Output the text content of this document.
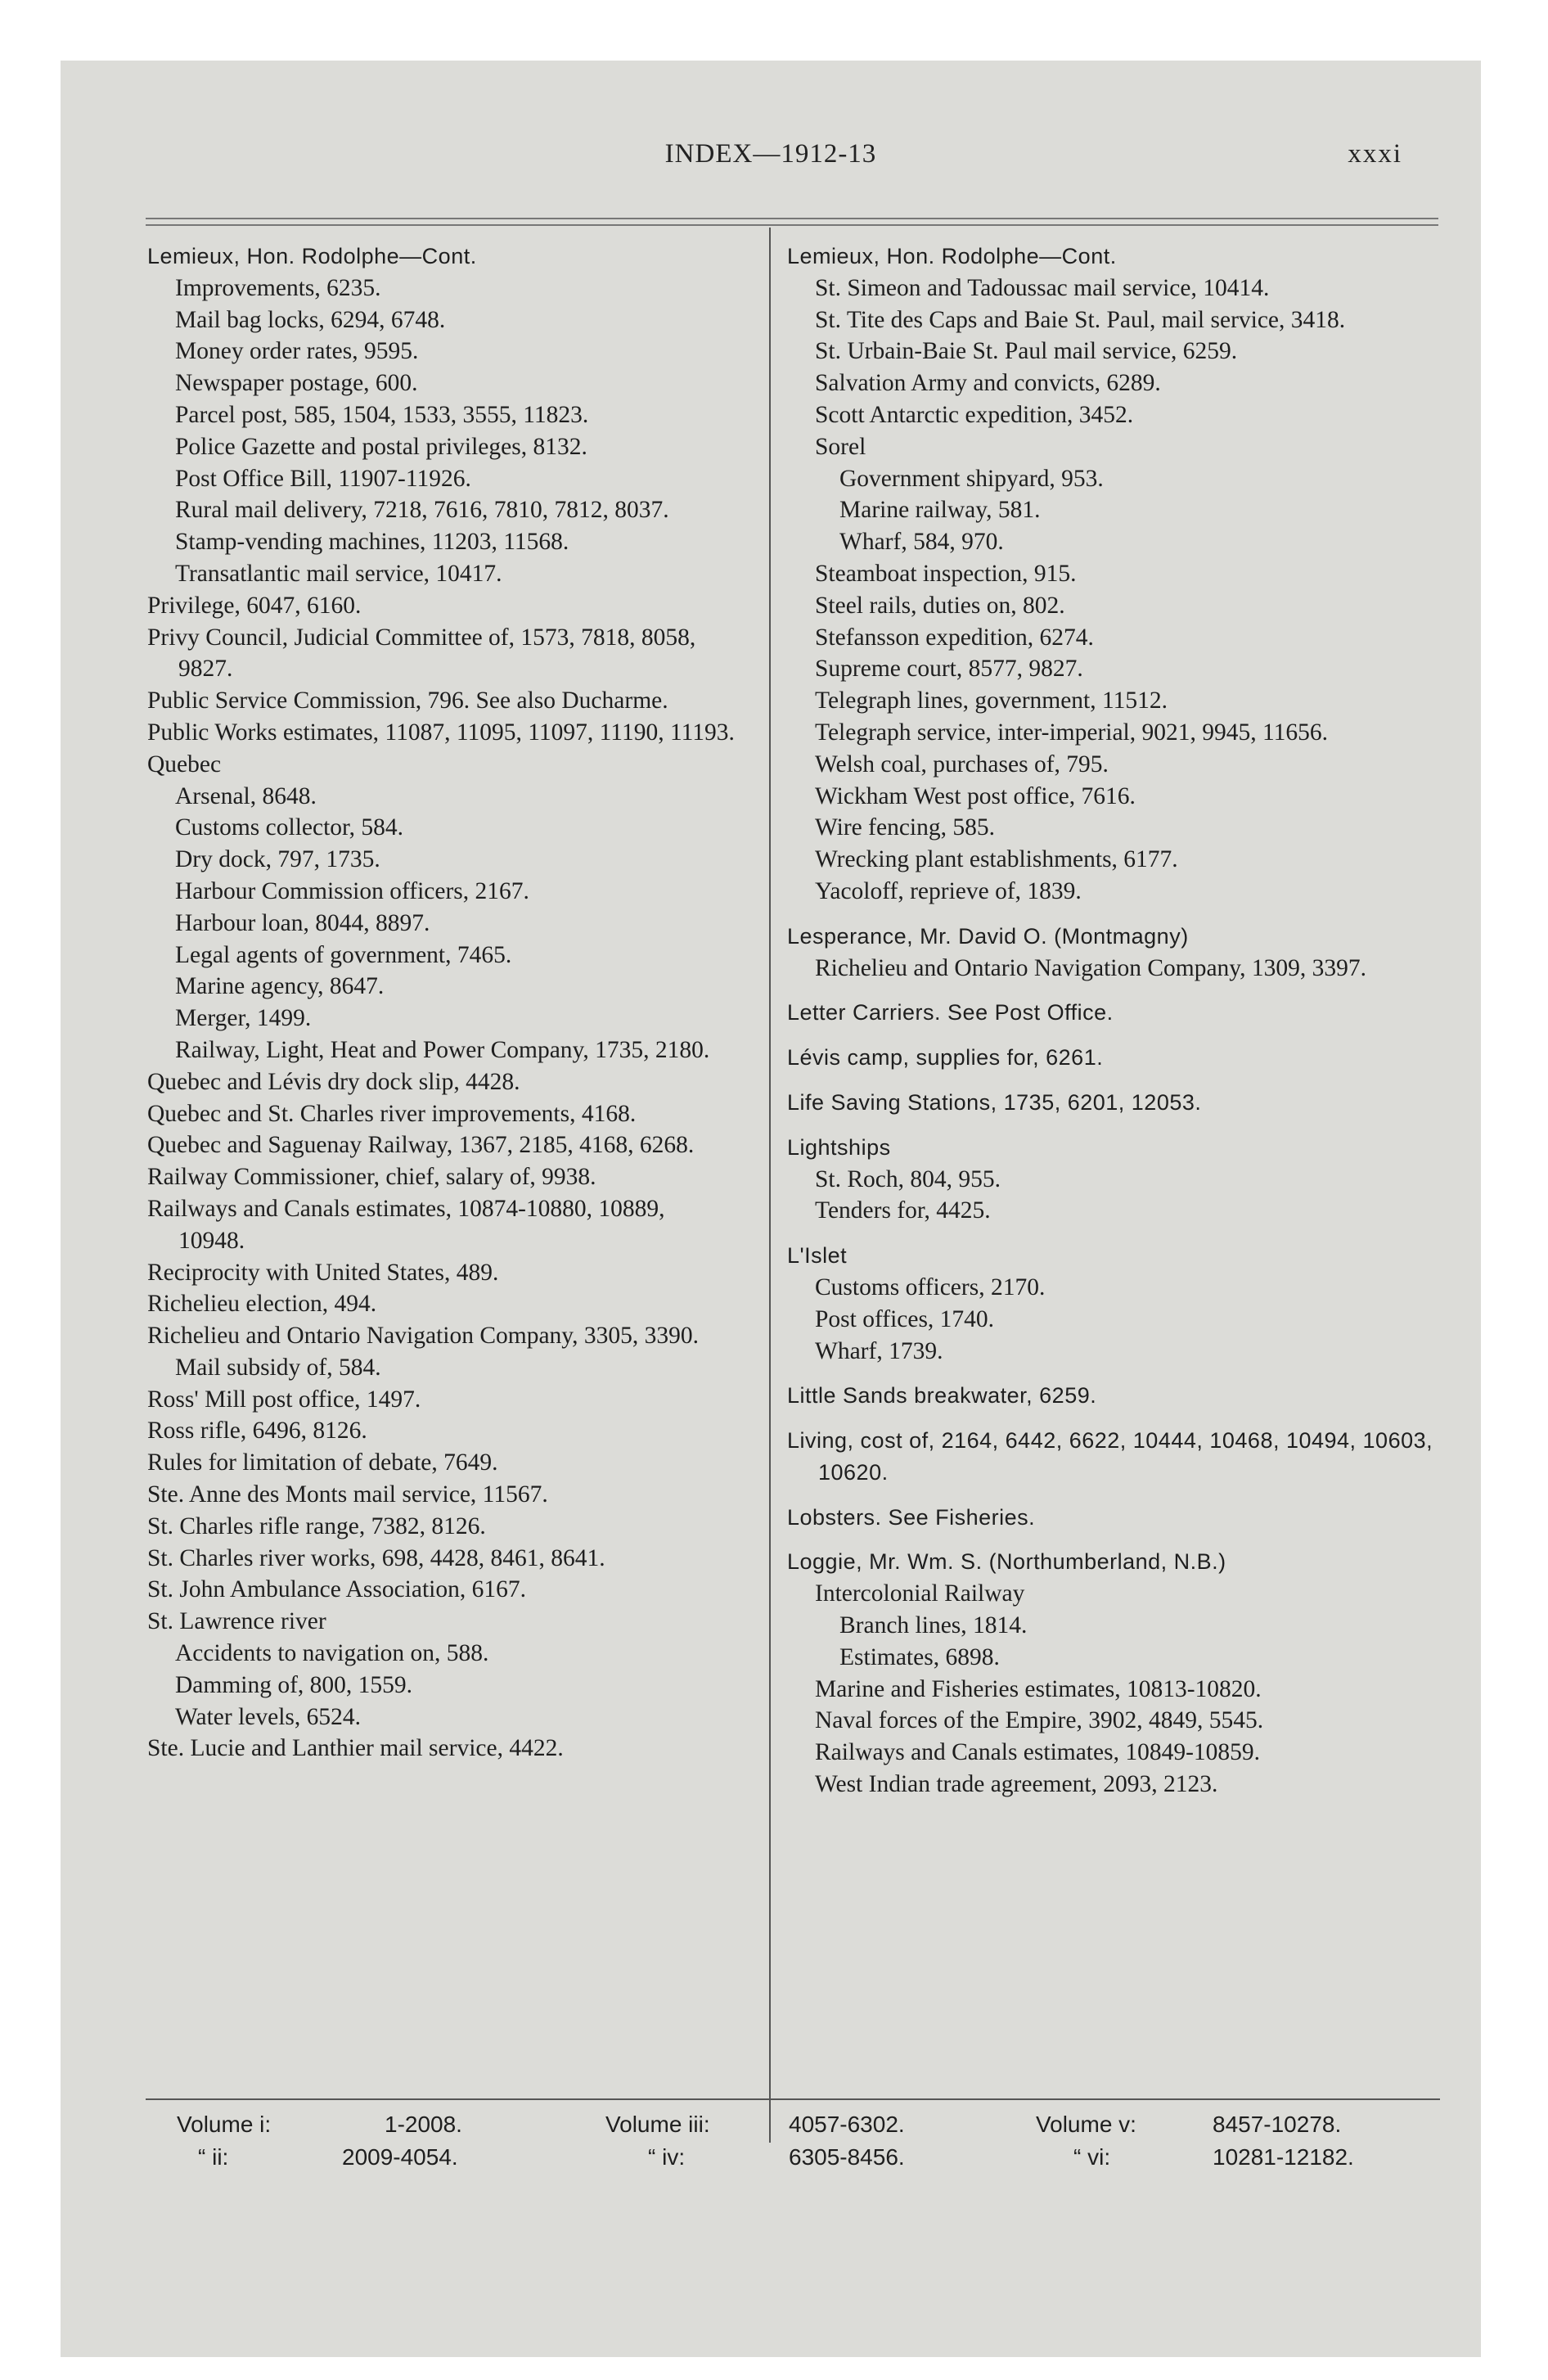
INDEX—1912-13	xxxi
Lemieux, Hon. Rodolphe—Cont.
Improvements, 6235.
Mail bag locks, 6294, 6748.
Money order rates, 9595.
Newspaper postage, 600.
Parcel post, 585, 1504, 1533, 3555, 11823.
Police Gazette and postal privileges, 8132.
Post Office Bill, 11907-11926.
Rural mail delivery, 7218, 7616, 7810, 7812, 8037.
Stamp-vending machines, 11203, 11568.
Transatlantic mail service, 10417.
Privilege, 6047, 6160.
Privy Council, Judicial Committee of, 1573, 7818, 8058, 9827.
Public Service Commission, 796. See also Ducharme.
Public Works estimates, 11087, 11095, 11097, 11190, 11193.
Quebec
Arsenal, 8648.
Customs collector, 584.
Dry dock, 797, 1735.
Harbour Commission officers, 2167.
Harbour loan, 8044, 8897.
Legal agents of government, 7465.
Marine agency, 8647.
Merger, 1499.
Railway, Light, Heat and Power Company, 1735, 2180.
Quebec and Lévis dry dock slip, 4428.
Quebec and St. Charles river improvements, 4168.
Quebec and Saguenay Railway, 1367, 2185, 4168, 6268.
Railway Commissioner, chief, salary of, 9938.
Railways and Canals estimates, 10874-10880, 10889, 10948.
Reciprocity with United States, 489.
Richelieu election, 494.
Richelieu and Ontario Navigation Company, 3305, 3390.
Mail subsidy of, 584.
Ross' Mill post office, 1497.
Ross rifle, 6496, 8126.
Rules for limitation of debate, 7649.
Ste. Anne des Monts mail service, 11567.
St. Charles rifle range, 7382, 8126.
St. Charles river works, 698, 4428, 8461, 8641.
St. John Ambulance Association, 6167.
St. Lawrence river
Accidents to navigation on, 588.
Damming of, 800, 1559.
Water levels, 6524.
Ste. Lucie and Lanthier mail service, 4422.
Lemieux, Hon. Rodolphe—Cont.
St. Simeon and Tadoussac mail service, 10414.
St. Tite des Caps and Baie St. Paul, mail service, 3418.
St. Urbain-Baie St. Paul mail service, 6259.
Salvation Army and convicts, 6289.
Scott Antarctic expedition, 3452.
Sorel
Government shipyard, 953.
Marine railway, 581.
Wharf, 584, 970.
Steamboat inspection, 915.
Steel rails, duties on, 802.
Stefansson expedition, 6274.
Supreme court, 8577, 9827.
Telegraph lines, government, 11512.
Telegraph service, inter-imperial, 9021, 9945, 11656.
Welsh coal, purchases of, 795.
Wickham West post office, 7616.
Wire fencing, 585.
Wrecking plant establishments, 6177.
Yacoloff, reprieve of, 1839.
Lesperance, Mr. David O. (Montmagny)
Richelieu and Ontario Navigation Company, 1309, 3397.
Letter Carriers. See Post Office.
Lévis camp, supplies for, 6261.
Life Saving Stations, 1735, 6201, 12053.
Lightships
St. Roch, 804, 955.
Tenders for, 4425.
L'Islet
Customs officers, 2170.
Post offices, 1740.
Wharf, 1739.
Little Sands breakwater, 6259.
Living, cost of, 2164, 6442, 6622, 10444, 10468, 10494, 10603, 10620.
Lobsters. See Fisheries.
Loggie, Mr. Wm. S. (Northumberland, N.B.)
Intercolonial Railway
Branch lines, 1814.
Estimates, 6898.
Marine and Fisheries estimates, 10813-10820.
Naval forces of the Empire, 3902, 4849, 5545.
Railways and Canals estimates, 10849-10859.
West Indian trade agreement, 2093, 2123.
Volume i:	1-2008.	Volume iii:	4057-6302.	Volume v:	8457-10278.
“ ii:	2009-4054.	“ iv:	6305-8456.	“ vi:	10281-12182.
